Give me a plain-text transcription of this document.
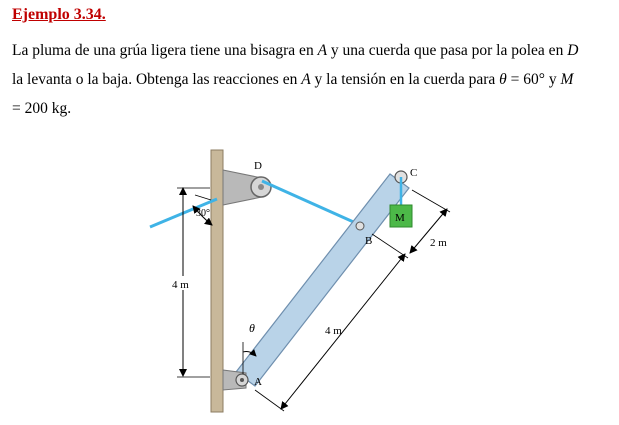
Ejemplo 3.34.
La pluma de una grúa ligera tiene una bisagra en A y una cuerda que pasa por la polea en D
la levanta o la baja. Obtenga las reacciones en A y la tensión en la cuerda para θ = 60° y M
= 200 kg.
M
D
C
B
A
30°
4 m
θ	4 m
2 m
